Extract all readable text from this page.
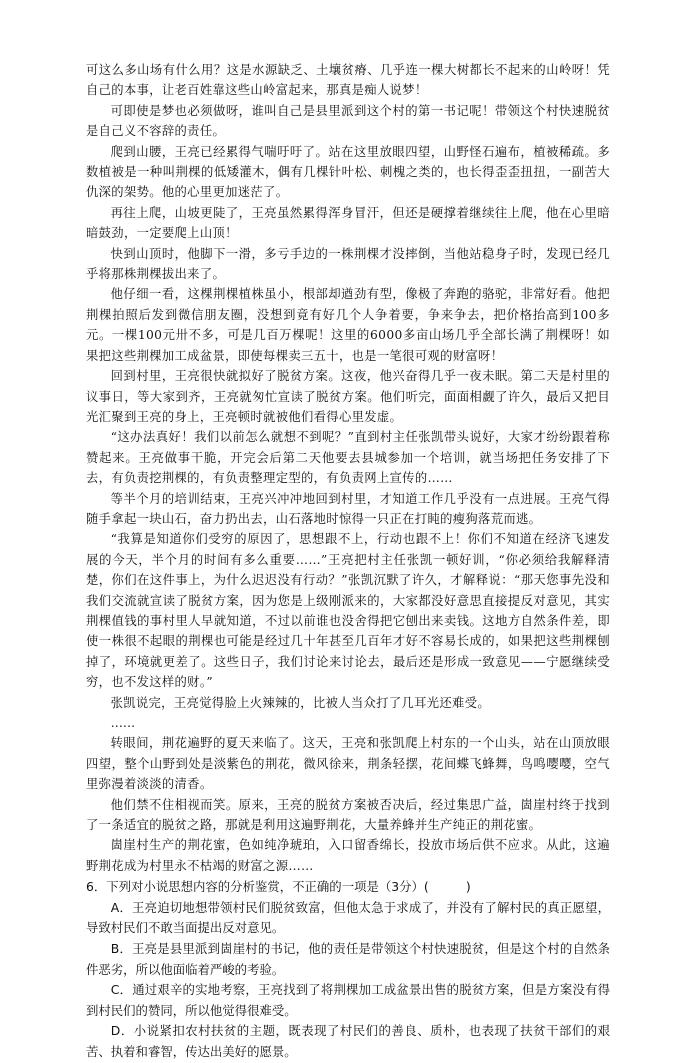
可这么多山场有什么用？这是水源缺乏、土壤贫瘠、几乎连一棵大树都长不起来的山岭呀！凭自己的本事，让老百姓靠这些山岭富起来，那真是痴人说梦！

可即使是梦也必须做呀，谁叫自己是县里派到这个村的第一书记呢！带领这个村快速脱贫是自己义不容辞的责任。

爬到山腰，王亮已经累得气喘吁吁了。站在这里放眼四望，山野怪石遍布，植被稀疏。多数植被是一种叫荆棵的低矮灌木，偶有几棵针叶松、刺槐之类的，也长得歪歪扭扭，一副苦大仇深的架势。他的心里更加迷茫了。

再往上爬，山坡更陡了，王亮虽然累得浑身冒汗，但还是硬撑着继续往上爬，他在心里暗暗鼓劲，一定要爬上山顶！

快到山顶时，他脚下一滑，多亏手边的一株荆棵才没摔倒，当他站稳身子时，发现已经几乎将那株荆棵拔出来了。

他仔细一看，这棵荆棵植株虽小，根部却遒劲有型，像极了奔跑的骆驼，非常好看。他把荆棵拍照后发到微信朋友圈，没想到竟有好几个人争着要，争来争去，把价格抬高到100多元。一棵100元卅不多，可是几百万棵呢！这里的6000多亩山场几乎全部长满了荆棵呀！如果把这些荆棵加工成盆景，即使每棵卖三五十，也是一笔很可观的财富呀！

回到村里，王亮很快就拟好了脱贫方案。这夜，他兴奋得几乎一夜未眠。第二天是村里的议事日，等大家到齐，王亮就匆忙宣读了脱贫方案。他们听完，面面相觑了许久，最后又把目光汇聚到王亮的身上，王亮顿时就被他们看得心里发虚。

“这办法真好！我们以前怎么就想不到呢？”直到村主任张凯带头说好，大家才纷纷跟着称赞起来。王亮做事干脆，开完会后第二天他要去县城参加一个培训，就当场把任务安排了下去，有负责挖荆棵的，有负责整理定型的，有负责网上宣传的……

等半个月的培训结束，王亮兴冲冲地回到村里，才知道工作几乎没有一点进展。王亮气得随手拿起一块山石，奋力扔出去，山石落地时惊得一只正在打盹的瘦狗落荒而逃。

“我算是知道你们受穷的原因了，思想跟不上，行动也跟不上！你们不知道在经济飞速发展的今天，半个月的时间有多么重要……”王亮把村主任张凯一顿好训，“你必须给我解释清楚，你们在这件事上，为什么迟迟没有行动？”张凯沉默了许久，才解释说：“那天您事先没和我们交流就宣读了脱贫方案，因为您是上级刚派来的，大家都没好意思直接提反对意见，其实荆棵值钱的事村里人早就知道，不过以前谁也没舍得把它刨出来卖钱。这地方自然条件差，即使一株很不起眼的荆棵也可能是经过几十年甚至几百年才好不容易长成的，如果把这些荆棵刨掉了，环境就更差了。这些日子，我们讨论来讨论去，最后还是形成一致意见——宁愿继续受穷，也不发这样的财。”

张凯说完，王亮觉得脸上火辣辣的，比被人当众打了几耳光还难受。

……

转眼间，荆花遍野的夏天来临了。这天，王亮和张凯爬上村东的一个山头，站在山顶放眼四望，整个山野到处是淡紫色的荆花，微风徐来，荆条轻摆，花间蝶飞蜂舞，鸟鸣嘤嘤，空气里弥漫着淡淡的清香。

他们禁不住相视而笑。原来，王亮的脱贫方案被否决后，经过集思广益，崮崖村终于找到了一条适宜的脱贫之路，那就是利用这遍野荆花，大量养蜂并生产纯正的荆花蜜。

崮崖村生产的荆花蜜，色如纯净琥珀，入口留香绵长，投放市场后供不应求。从此，这遍野荆花成为村里永不枯竭的财富之源……

6．下列对小说思想内容的分析鉴赏，不正确的一项是（3分）(　　　)

A．王亮迫切地想带领村民们脱贫致富，但他太急于求成了，并没有了解村民的真正愿望，导致村民们不敢当面提出反对意见。

B．王亮是县里派到崮崖村的书记，他的责任是带领这个村快速脱贫，但是这个村的自然条件恶劣，所以他面临着严峻的考验。

C．通过艰辛的实地考察，王亮找到了将荆棵加工成盆景出售的脱贫方案，但是方案没有得到村民们的赞同，所以他觉得很难受。

D．小说紧扣农村扶贫的主题，既表现了村民们的善良、质朴，也表现了扶贫干部们的艰苦、执着和睿智，传达出美好的愿景。
